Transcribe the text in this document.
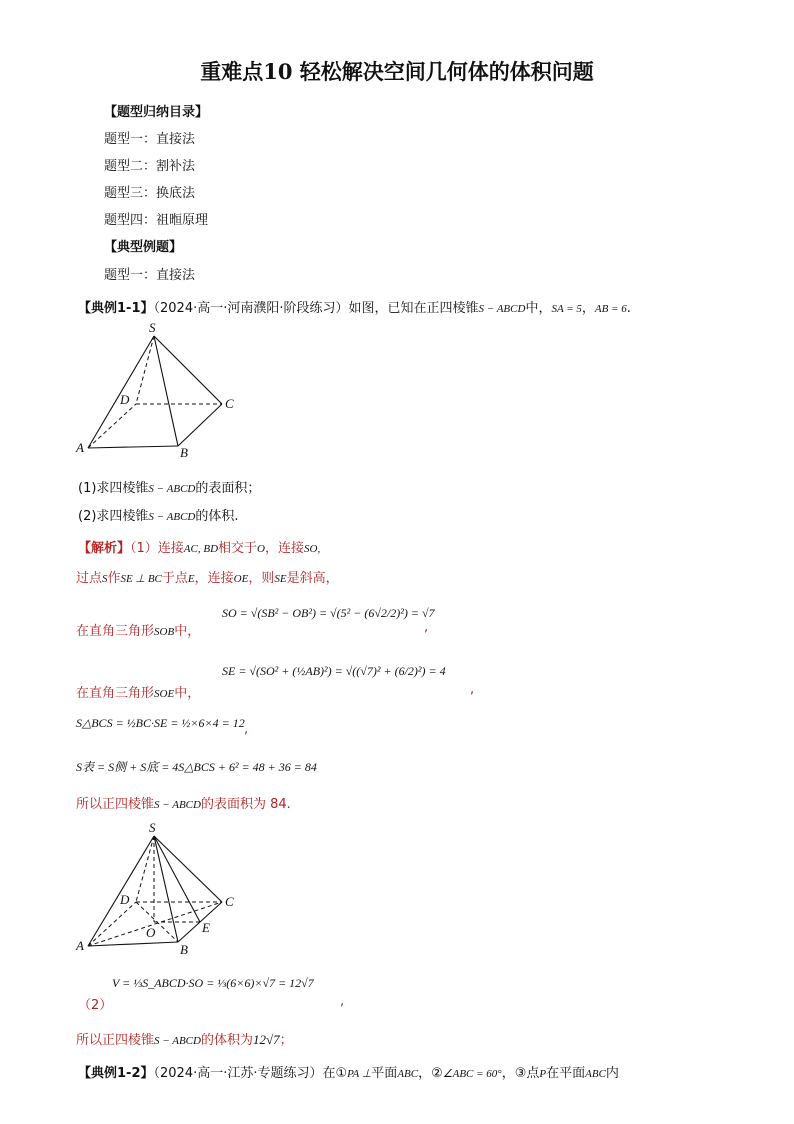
重难点10 轻松解决空间几何体的体积问题
【题型归纳目录】
题型一：直接法
题型二：割补法
题型三：换底法
题型四：祖暅原理
【典型例题】
题型一：直接法
【典例1-1】（2024·高一·河南濮阳·阶段练习）如图，已知在正四棱锥S − ABCD中，SA = 5，AB = 6.
S
A	B
C
D
(1)求四棱锥S − ABCD的表面积；
(2)求四棱锥S − ABCD的体积.
【解析】（1）连接AC, BD相交于O，连接SO,
过点S作SE ⊥ BC于点E，连接OE，则SE是斜高，
在直角三角形SOB中，
SO = √(SB² − OB²) = √(5² − (6√2/2)²) = √7
,
在直角三角形SOE中，
SE = √(SO² + (½AB)²) = √((√7)² + (6/2)²) = 4
,
S△BCS = ½BC·SE = ½×6×4 = 12 ,
S表 = S侧 + S底 = 4S△BCS + 6² = 48 + 36 = 84
所以正四棱锥S − ABCD的表面积为 84.
S
A	B
C
D
O	E
V = ⅓S_ABCD·SO = ⅓(6×6)×√7 = 12√7
（2）	,
所以正四棱锥S − ABCD的体积为12√7；
【典例1-2】（2024·高一·江苏·专题练习）在①PA ⊥平面ABC，②∠ABC = 60°，③点P在平面ABC内
